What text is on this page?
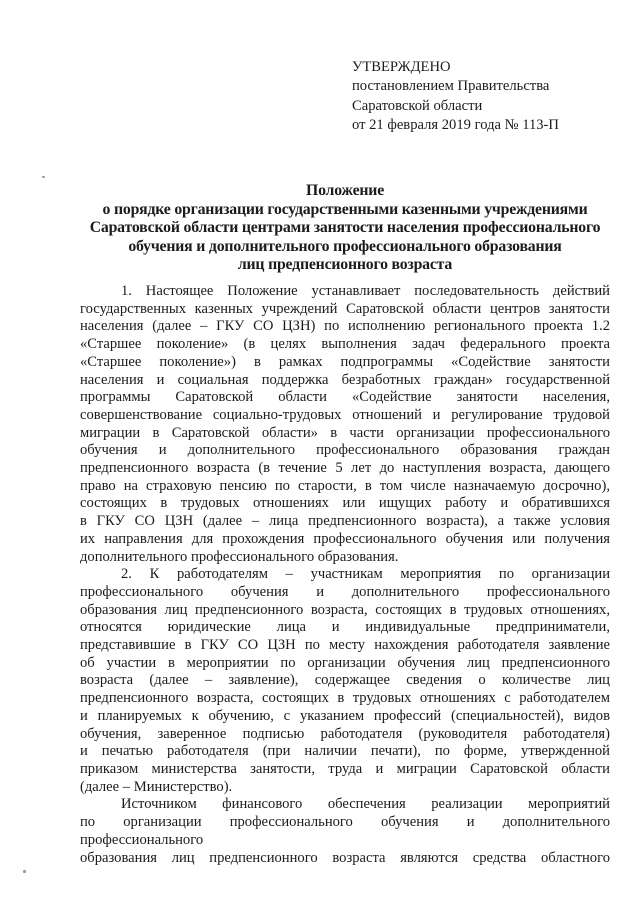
УТВЕРЖДЕНО
постановлением Правительства
Саратовской области
от 21 февраля 2019 года № 113-П
Положение
о порядке организации государственными казенными учреждениями
Саратовской области центрами занятости населения профессионального
обучения и дополнительного профессионального образования
лиц предпенсионного возраста
1. Настоящее Положение устанавливает последовательность действий
государственных казенных учреждений Саратовской области центров занятости
населения (далее – ГКУ СО ЦЗН) по исполнению регионального проекта 1.2
«Старшее поколение» (в целях выполнения задач федерального проекта
«Старшее поколение») в рамках подпрограммы «Содействие занятости
населения и социальная поддержка безработных граждан» государственной
программы Саратовской области «Содействие занятости населения,
совершенствование социально-трудовых отношений и регулирование трудовой
миграции в Саратовской области» в части организации профессионального
обучения и дополнительного профессионального образования граждан
предпенсионного возраста (в течение 5 лет до наступления возраста, дающего
право на страховую пенсию по старости, в том числе назначаемую досрочно),
состоящих в трудовых отношениях или ищущих работу и обратившихся
в ГКУ СО ЦЗН (далее – лица предпенсионного возраста), а также условия
их направления для прохождения профессионального обучения или получения
дополнительного профессионального образования.
2. К работодателям – участникам мероприятия по организации
профессионального обучения и дополнительного профессионального
образования лиц предпенсионного возраста, состоящих в трудовых отношениях,
относятся юридические лица и индивидуальные предприниматели,
представившие в ГКУ СО ЦЗН по месту нахождения работодателя заявление
об участии в мероприятии по организации обучения лиц предпенсионного
возраста (далее – заявление), содержащее сведения о количестве лиц
предпенсионного возраста, состоящих в трудовых отношениях с работодателем
и планируемых к обучению, с указанием профессий (специальностей), видов
обучения, заверенное подписью работодателя (руководителя работодателя)
и печатью работодателя (при наличии печати), по форме, утвержденной
приказом министерства занятости, труда и миграции Саратовской области
(далее – Министерство).
Источником финансового обеспечения реализации мероприятий
по организации профессионального обучения и дополнительного профессионального
образования лиц предпенсионного возраста являются средства областного
